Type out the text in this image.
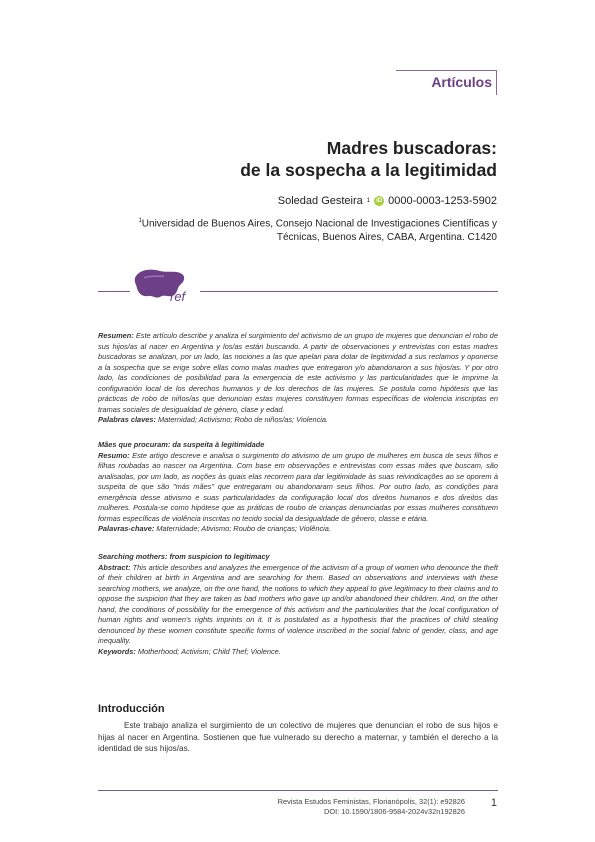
Artículos
Madres buscadoras:
de la sospecha a la legitimidad
Soledad Gesteira 1	iD 0000-0003-1253-5902
$^1$Universidad de Buenos Aires, Consejo Nacional de Investigaciones Científicas y
Técnicas, Buenos Aires, CABA, Argentina. C1420
ref
Resumen: Este artículo describe y analiza el surgimiento del activismo de un grupo de mujeres que denuncian el robo de sus hijos/as al nacer en Argentina y los/as están buscando. A partir de observaciones y entrevistas con estas madres buscadoras se analizan, por un lado, las nociones a las que apelan para dotar de legitimidad a sus reclamos y oponerse a la sospecha que se erige sobre ellas como malas madres que entregaron y/o abandonaron a sus hijos/as. Y por otro lado, las condiciones de posibilidad para la emergencia de este activismo y las particularidades que le imprime la configuración local de los derechos humanos y de los derechos de las mujeres. Se postula como hipótesis que las prácticas de robo de niños/as que denuncian estas mujeres constituyen formas específicas de violencia inscriptas en tramas sociales de desigualdad de género, clase y edad.
Palabras claves: Maternidad; Activismo; Robo de niños/as; Violencia.
Mães que procuram: da suspeita à legitimidade
Resumo: Este artigo descreve e analisa o surgimento do ativismo de um grupo de mulheres em busca de seus filhos e filhas roubadas ao nascer na Argentina. Com base em observações e entrevistas com essas mães que buscam, são analisadas, por um lado, as noções às quais elas recorrem para dar legitimidade às suas reivindicações ao se oporem à suspeita de que são "más mães" que entregaram ou abandonaram seus filhos. Por outro lado, as condições para emergência desse ativismo e suas particularidades da configuração local dos direitos humanos e dos direitos das mulheres. Postula-se como hipótese que as práticas de roubo de crianças denunciadas por essas mulheres constituem formas específicas de violência inscritas no tecido social da desigualdade de gênero, classe e etária.
Palavras-chave: Maternidade; Ativismo; Roubo de crianças; Violência.
Searching mothers: from suspicion to legitimacy
Abstract: This article describes and analyzes the emergence of the activism of a group of women who denounce the theft of their children at birth in Argentina and are searching for them. Based on observations and interviews with these searching mothers, we analyze, on the one hand, the notions to which they appeal to give legitimacy to their claims and to oppose the suspicion that they are taken as bad mothers who gave up and/or abandoned their children. And, on the other hand, the conditions of possibility for the emergence of this activism and the particularities that the local configuration of human rights and women's rights imprints on it. It is postulated as a hypothesis that the practices of child stealing denounced by these women constitute specific forms of violence inscribed in the social fabric of gender, class, and age inequality.
Keywords: Motherhood; Activism; Child Thef; Violence.
Introducción
Este trabajo analiza el surgimiento de un colectivo de mujeres que denuncian el robo de sus hijos e hijas al nacer en Argentina. Sostienen que fue vulnerado su derecho a maternar, y también el derecho a la identidad de sus hijos/as.
Revista Estudos Feministas, Florianópolis, 32(1): e92826
DOI: 10.1590/1806-9584-2024v32n192826
1
